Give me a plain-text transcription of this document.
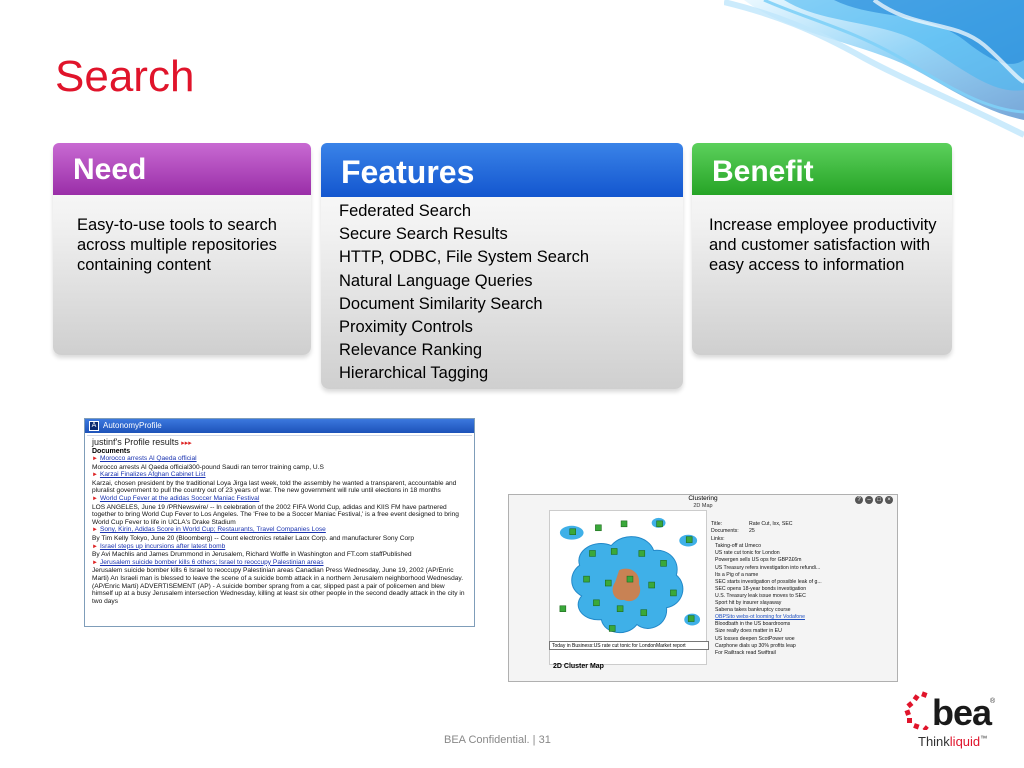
Search
Need
Easy-to-use tools to search across multiple repositories containing content
Features
Federated Search
Secure Search Results
HTTP, ODBC, File System Search
Natural Language Queries
Document Similarity Search
Proximity Controls
Relevance Ranking
Hierarchical Tagging
Benefit
Increase employee productivity and customer satisfaction with easy access to information
A AutonomyProfile
justinf's Profile results ▸▸▸
Documents
► Morocco arrests Al Qaeda official
Morocco arrests Al Qaeda official300-pound Saudi ran terror training camp, U.S
► Karzai Finalizes Afghan Cabinet List
Karzai, chosen president by the traditional Loya Jirga last week, told the assembly he wanted a transparent, accountable and pluralist government to pull the country out of 23 years of war. The new government will rule until elections in 18 months
► World Cup Fever at the adidas Soccer Maniac Festival
LOS ANGELES, June 19 /PRNewswire/ -- In celebration of the 2002 FIFA World Cup, adidas and KIIS FM have partnered together to bring World Cup Fever to Los Angeles. The 'Free to be a Soccer Maniac Festival,' is a free event designed to bring World Cup Fever to life in UCLA's Drake Stadium
► Sony, Kirin, Adidas Score in World Cup; Restaurants, Travel Companies Lose
By Tim Kelly Tokyo, June 20 (Bloomberg) -- Count electronics retailer Laox Corp. and manufacturer Sony Corp
► Israel steps up incursions after latest bomb
By Avi Machlis and James Drummond in Jerusalem, Richard Wolffe in Washington and FT.com staffPublished
► Jerusalem suicide bomber kills 6 others; Israel to reoccupy Palestinian areas
Jerusalem suicide bomber kills 6 Israel to reoccupy Palestinian areas Canadian Press Wednesday, June 19, 2002 (AP/Enric Marti) An Israeli man is blessed to leave the scene of a suicide bomb attack in a northern Jerusalem neighborhood Wednesday. (AP/Enric Marti) ADVERTISEMENT (AP) - A suicide bomber sprang from a car, slipped past a pair of policemen and blew himself up at a busy Jerusalem intersection Wednesday, killing at least six other people in the second deadly attack in the city in two days
Clustering
2D Map
?	–	□	×
Today in Business:US rate cut tonic for LondonMarket report
2D Cluster Map
Title:	Rate Cut, Ixx, SEC
Documents:	25
Links:
Taking-off at Umeco
US rate cut tonic for London
Powergen sells US ops for GBP2£6m
US Treasury refers investigation into refundi...
Its a Pig of a name
SEC starts investigation of possible leak of g...
SEC opens 18-year bonds investigation
U.S. Treasury leak issue moves to SEC
Sport hit by insurer slayaway
Sabena takes bankruptcy course
OBPSito webs-ot looming for Vodafone
Bloodbath in the US boardrooms
Size really does matter in EU
US losses deepen ScotPower woe
Carphone dials up 30% profits leap
For Railtrack read Swiftrail
bea
®
Thinkliquid™
BEA Confidential. | 31
